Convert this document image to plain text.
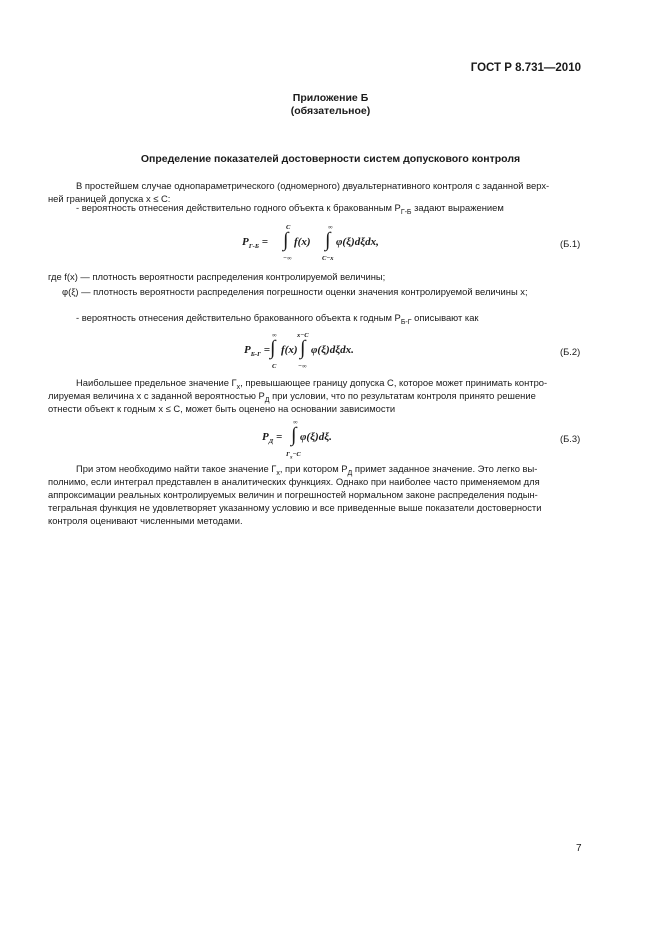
ГОСТ Р 8.731—2010
Приложение Б
(обязательное)
Определение показателей достоверности систем допускового контроля
В простейшем случае однопараметрического (одномерного) двуальтернативного контроля с заданной верх-
ней границей допуска x ≤ C:
- вероятность отнесения действительно годного объекта к бракованным $P_{Г-Б}$ задают выражением
$P_{Г-Б}$ = ∫
C
−∞
f(x) ∫
∞
C−x
φ(ξ)dξdx,	(Б.1)
где f(x) — плотность вероятности распределения контролируемой величины;
φ(ξ) — плотность вероятности распределения погрешности оценки значения контролируемой величины x;
- вероятность отнесения действительно бракованного объекта к годным $P_{Б-Г}$ описывают как
$P_{Б-Г}$ = ∫
∞
C
f(x) ∫
x−C
−∞
φ(ξ)dξdx.	(Б.2)
Наибольшее предельное значение $Г_x$, превышающее границу допуска C, которое может принимать контро-
лируемая величина x с заданной вероятностью $P_Д$ при условии, что по результатам контроля принято решение
отнести объект к годным x ≤ C, может быть оценено на основании зависимости
$P_Д$ = ∫
∞
$Г_x-C$
φ(ξ)dξ.	(Б.3)
При этом необходимо найти такое значение $Г_x$, при котором $P_Д$ примет заданное значение. Это легко вы-
полнимо, если интеграл представлен в аналитических функциях. Однако при наиболее часто применяемом для
аппроксимации реальных контролируемых величин и погрешностей нормальном законе распределения подын-
тегральная функция не удовлетворяет указанному условию и все приведенные выше показатели достоверности
контроля оценивают численными методами.
7
